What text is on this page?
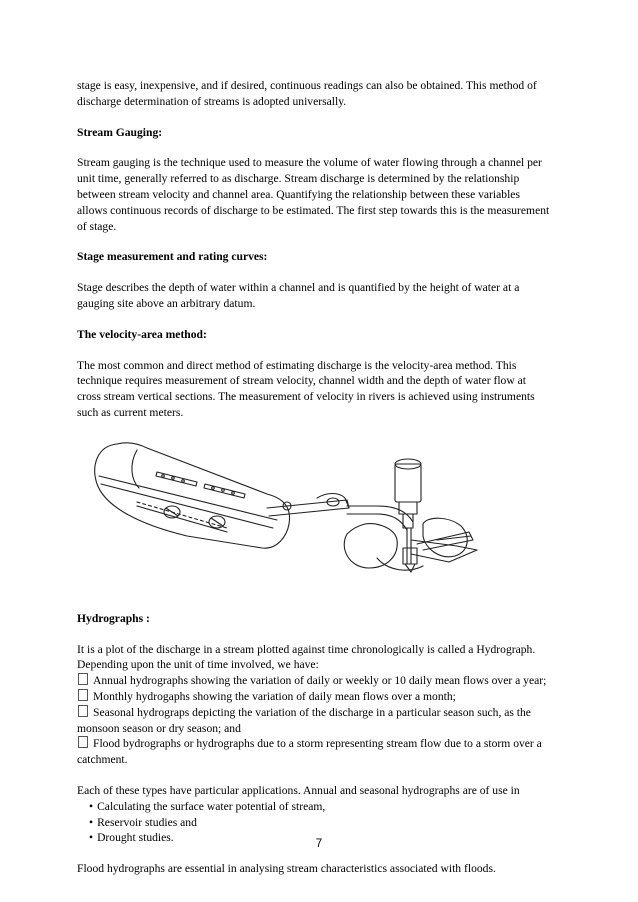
stage is easy, inexpensive, and if desired, continuous readings can also be obtained. This method of
discharge determination of streams is adopted universally.
Stream Gauging:
Stream gauging is the technique used to measure the volume of water flowing through a channel per
unit time, generally referred to as discharge. Stream discharge is determined by the relationship
between stream velocity and channel area. Quantifying the relationship between these variables
allows continuous records of discharge to be estimated. The first step towards this is the measurement
of stage.
Stage measurement and rating curves:
Stage describes the depth of water within a channel and is quantified by the height of water at a
gauging site above an arbitrary datum.
The velocity-area method:
The most common and direct method of estimating discharge is the velocity-area method. This
technique requires measurement of stream velocity, channel width and the depth of water flow at
cross stream vertical sections. The measurement of velocity in rivers is achieved using instruments
such as current meters.
Hydrographs :
It is a plot of the discharge in a stream plotted against time chronologically is called a Hydrograph.
Depending upon the unit of time involved, we have:
Annual hydrographs showing the variation of daily or weekly or 10 daily mean flows over a year;
Monthly hydrogaphs showing the variation of daily mean flows over a month;
Seasonal hydrograps depicting the variation of the discharge in a particular season such, as the
monsoon season or dry season; and
Flood bydrographs or hydrographs due to a storm representing stream flow due to a storm over a
catchment.
Each of these types have particular applications. Annual and seasonal hydrographs are of use in
• Calculating the surface water potential of stream,
• Reservoir studies and
• Drought studies.
Flood hydrographs are essential in analysing stream characteristics associated with floods.
7
